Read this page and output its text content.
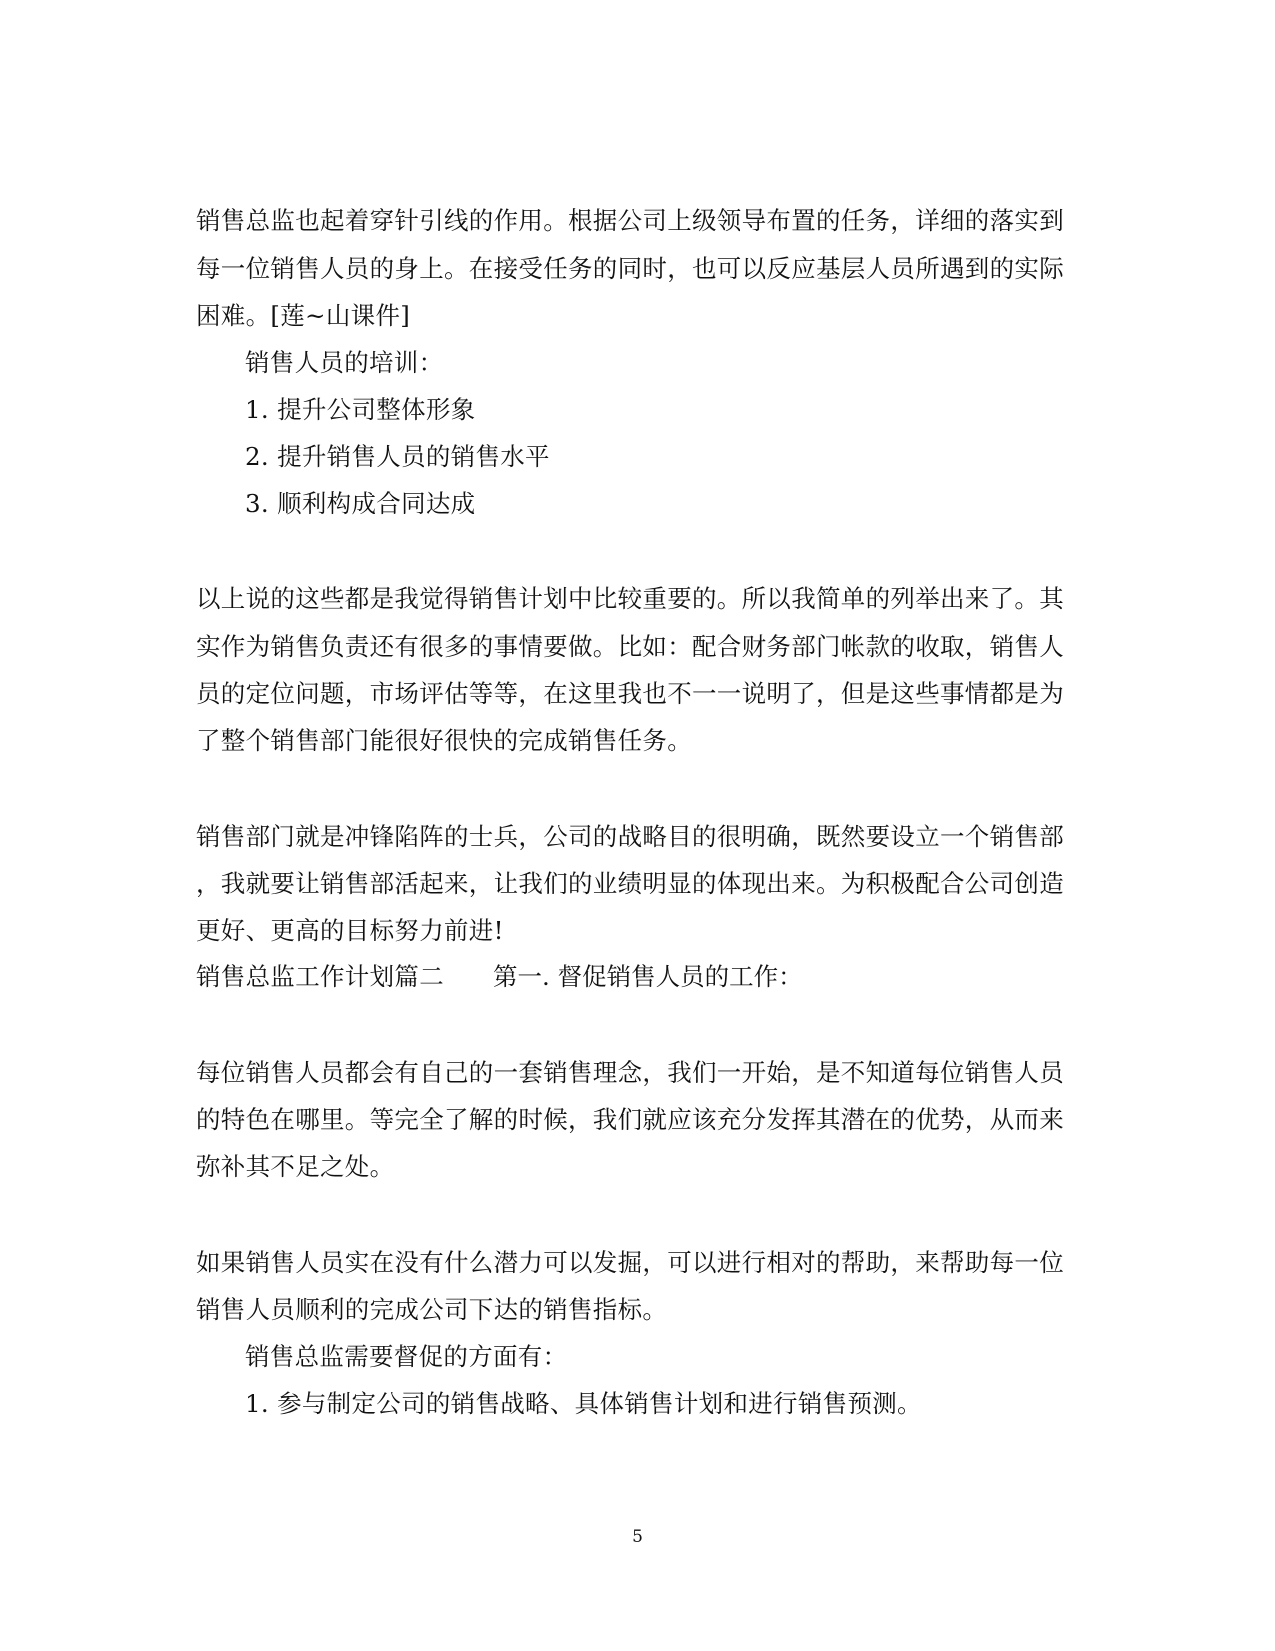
销售总监也起着穿针引线的作用。根据公司上级领导布置的任务，详细的落实到
每一位销售人员的身上。在接受任务的同时，也可以反应基层人员所遇到的实际
困难。[莲~山课件]
销售人员的培训：
1. 提升公司整体形象
2. 提升销售人员的销售水平
3. 顺利构成合同达成
以上说的这些都是我觉得销售计划中比较重要的。所以我简单的列举出来了。其
实作为销售负责还有很多的事情要做。比如：配合财务部门帐款的收取，销售人
员的定位问题，市场评估等等，在这里我也不一一说明了，但是这些事情都是为
了整个销售部门能很好很快的完成销售任务。
销售部门就是冲锋陷阵的士兵，公司的战略目的很明确，既然要设立一个销售部
，我就要让销售部活起来，让我们的业绩明显的体现出来。为积极配合公司创造
更好、更高的目标努力前进!
销售总监工作计划篇二 第一. 督促销售人员的工作：
每位销售人员都会有自己的一套销售理念，我们一开始，是不知道每位销售人员
的特色在哪里。等完全了解的时候，我们就应该充分发挥其潜在的优势，从而来
弥补其不足之处。
如果销售人员实在没有什么潜力可以发掘，可以进行相对的帮助，来帮助每一位
销售人员顺利的完成公司下达的销售指标。
销售总监需要督促的方面有：
1. 参与制定公司的销售战略、具体销售计划和进行销售预测。
5
